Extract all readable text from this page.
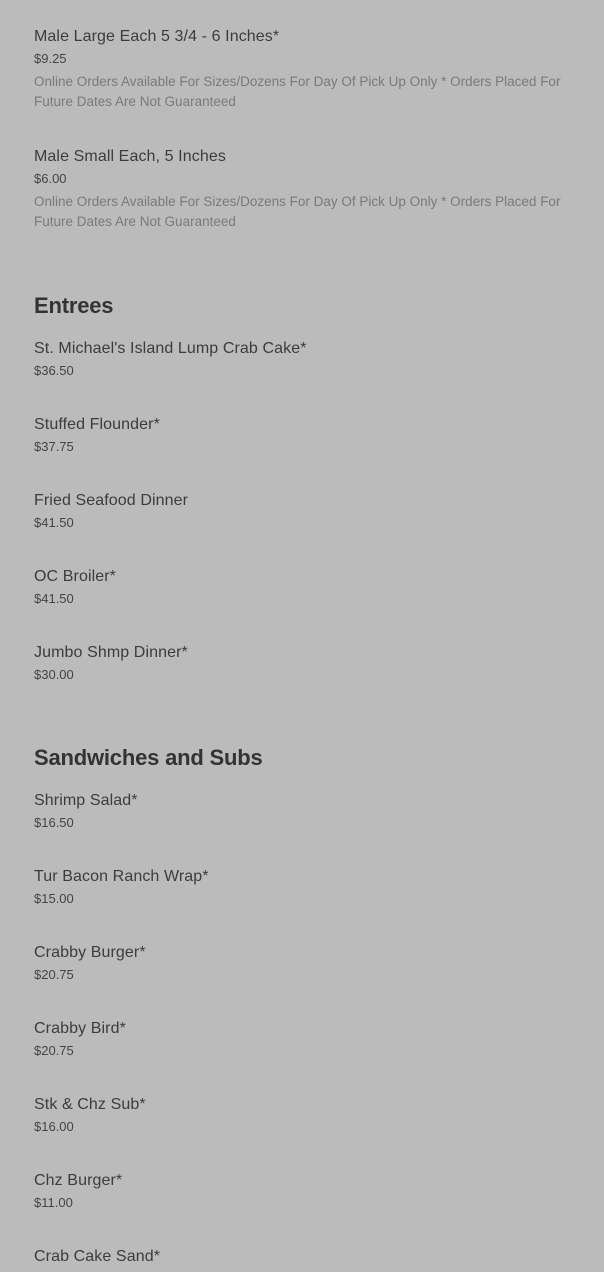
Male Large Each 5 3/4 - 6 Inches*
$9.25
Online Orders Available For Sizes/Dozens For Day Of Pick Up Only * Orders Placed For Future Dates Are Not Guaranteed
Male Small Each, 5 Inches
$6.00
Online Orders Available For Sizes/Dozens For Day Of Pick Up Only * Orders Placed For Future Dates Are Not Guaranteed
Entrees
St. Michael's Island Lump Crab Cake*
$36.50
Stuffed Flounder*
$37.75
Fried Seafood Dinner
$41.50
OC Broiler*
$41.50
Jumbo Shmp Dinner*
$30.00
Sandwiches and Subs
Shrimp Salad*
$16.50
Tur Bacon Ranch Wrap*
$15.00
Crabby Burger*
$20.75
Crabby Bird*
$20.75
Stk & Chz Sub*
$16.00
Chz Burger*
$11.00
Crab Cake Sand*
